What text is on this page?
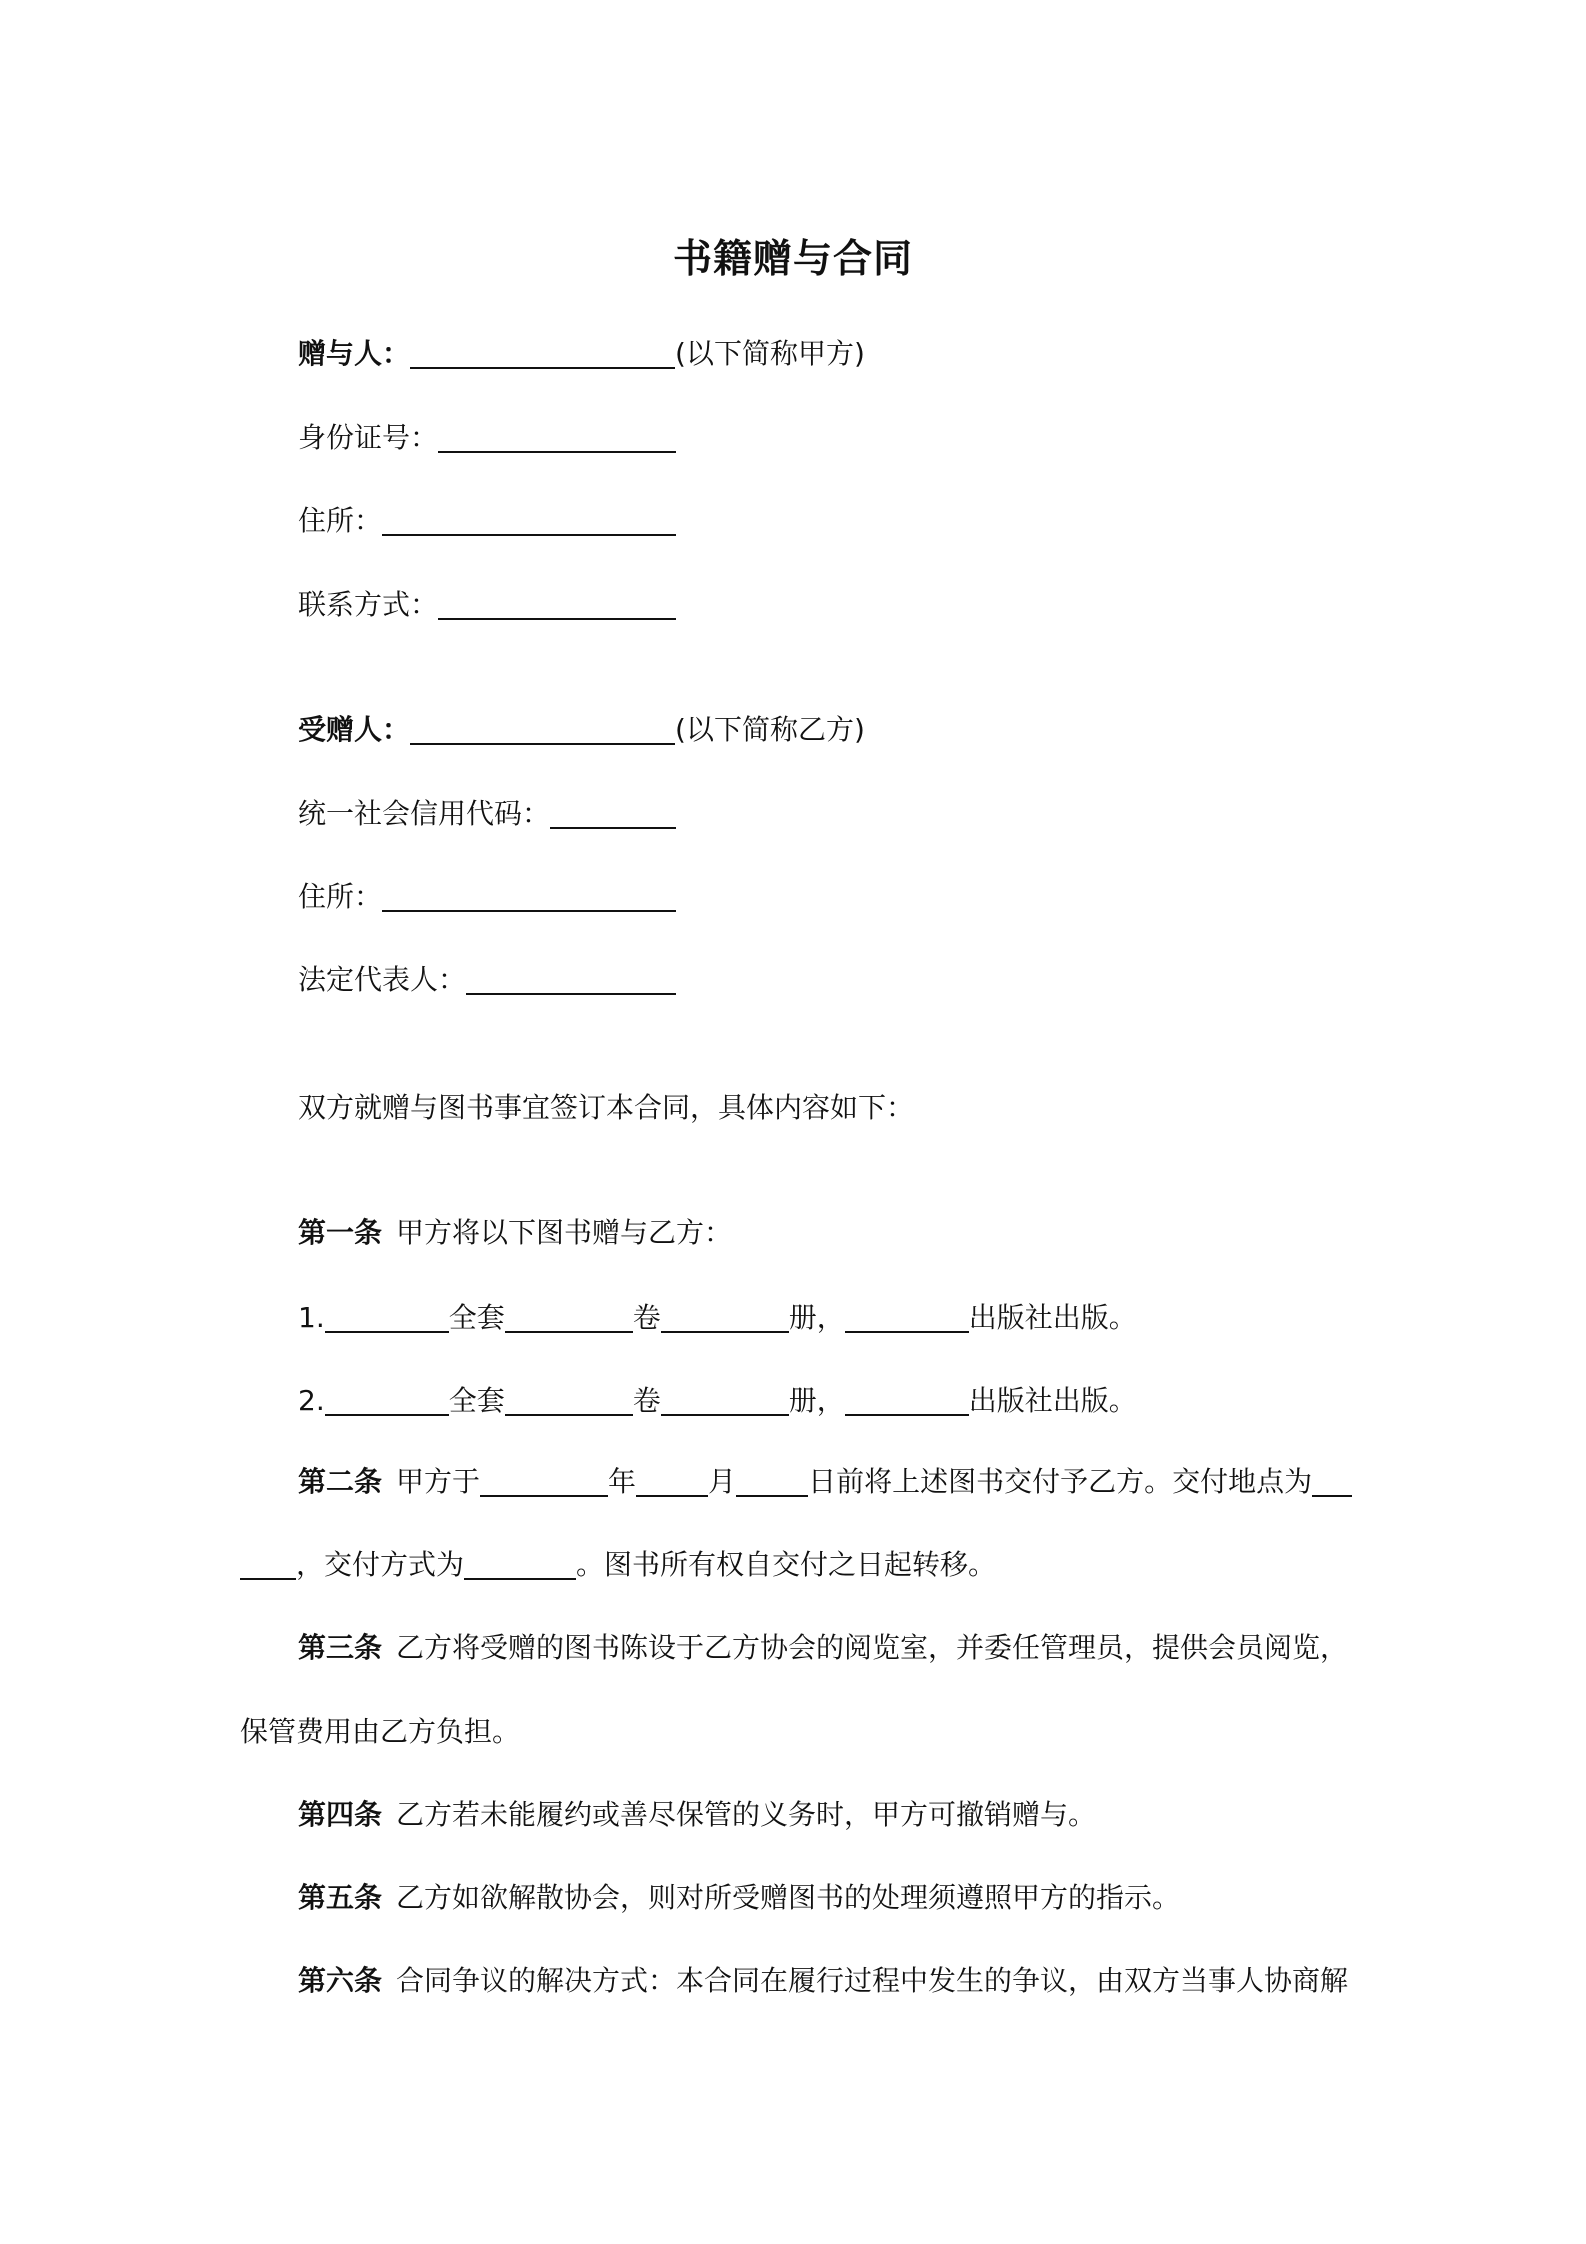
书籍赠与合同
赠与人：	(以下简称甲方)
身份证号：
住所：
联系方式：
受赠人：	(以下简称乙方)
统一社会信用代码：
住所：
法定代表人：
双方就赠与图书事宜签订本合同，具体内容如下：
第一条 甲方将以下图书赠与乙方：
1.	全套	卷	册，	出版社出版。
2.	全套	卷	册，	出版社出版。
第二条 甲方于	年	月	日前将上述图书交付予乙方。交付地点为
，交付方式为	。图书所有权自交付之日起转移。
第三条 乙方将受赠的图书陈设于乙方协会的阅览室，并委任管理员，提供会员阅览，
保管费用由乙方负担。
第四条 乙方若未能履约或善尽保管的义务时，甲方可撤销赠与。
第五条 乙方如欲解散协会，则对所受赠图书的处理须遵照甲方的指示。
第六条 合同争议的解决方式：本合同在履行过程中发生的争议，由双方当事人协商解
